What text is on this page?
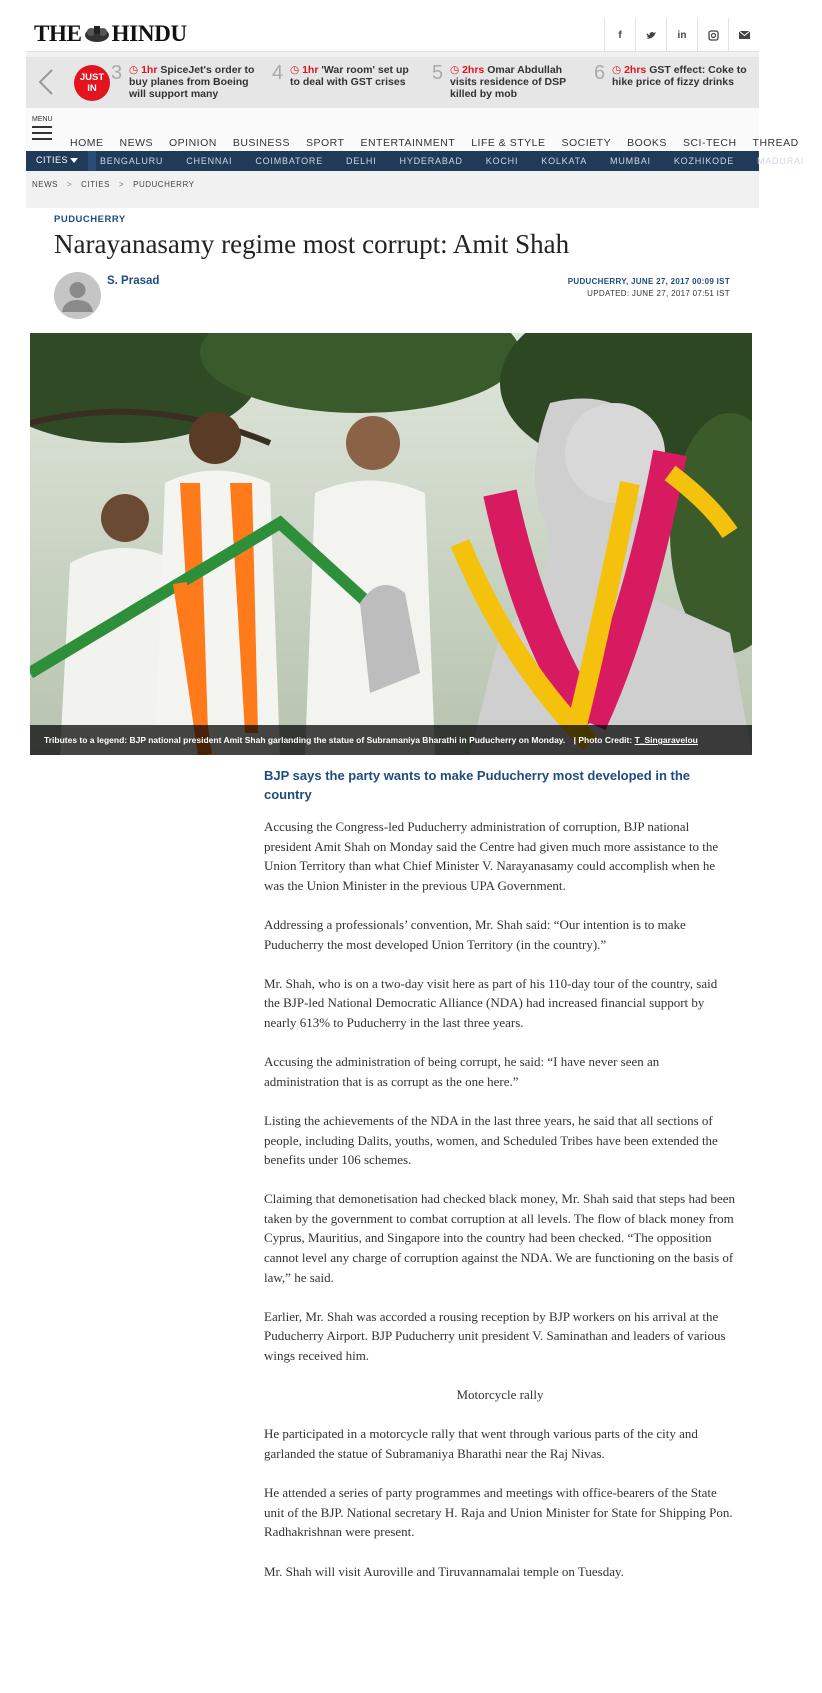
THE HINDU	f	in
JUST
IN
3 ◷ 1hr SpiceJet's order to buy planes from Boeing will support many
4 ◷ 1hr 'War room' set up to deal with GST crises	5 ◷ 2hrs Omar Abdullah visits residence of DSP killed by mob
6 ◷ 2hrs GST effect: Coke to hike price of fizzy drinks
MENU
HOME NEWS OPINION BUSINESS SPORT ENTERTAINMENT LIFE & STYLE SOCIETY BOOKS SCI-TECH THREAD
CITIES	BENGALURU	CHENNAI	COIMBATORE	DELHI	HYDERABAD	KOCHI	KOLKATA	MUMBAI	KOZHIKODE	MADURAI
NEWS > CITIES > PUDUCHERRY
PUDUCHERRY
Narayanasamy regime most corrupt: Amit Shah
S. Prasad	PUDUCHERRY, JUNE 27, 2017 00:09 IST
UPDATED: JUNE 27, 2017 07:51 IST
Tributes to a legend: BJP national president Amit Shah garlanding the statue of Subramaniya Bharathi in Puducherry on Monday. | Photo Credit: T_Singaravelou
BJP says the party wants to make Puducherry most developed in the country

Accusing the Congress-led Puducherry administration of corruption, BJP national president Amit Shah on Monday said the Centre had given much more assistance to the Union Territory than what Chief Minister V. Narayanasamy could accomplish when he was the Union Minister in the previous UPA Government.

Addressing a professionals’ convention, Mr. Shah said: “Our intention is to make Puducherry the most developed Union Territory (in the country).”

Mr. Shah, who is on a two-day visit here as part of his 110-day tour of the country, said the BJP-led National Democratic Alliance (NDA) had increased financial support by nearly 613% to Puducherry in the last three years.

Accusing the administration of being corrupt, he said: “I have never seen an administration that is as corrupt as the one here.”

Listing the achievements of the NDA in the last three years, he said that all sections of people, including Dalits, youths, women, and Scheduled Tribes have been extended the benefits under 106 schemes.

Claiming that demonetisation had checked black money, Mr. Shah said that steps had been taken by the government to combat corruption at all levels. The flow of black money from Cyprus, Mauritius, and Singapore into the country had been checked. “The opposition cannot level any charge of corruption against the NDA. We are functioning on the basis of law,” he said.

Earlier, Mr. Shah was accorded a rousing reception by BJP workers on his arrival at the Puducherry Airport. BJP Puducherry unit president V. Saminathan and leaders of various wings received him.

Motorcycle rally

He participated in a motorcycle rally that went through various parts of the city and garlanded the statue of Subramaniya Bharathi near the Raj Nivas.

He attended a series of party programmes and meetings with office-bearers of the State unit of the BJP. National secretary H. Raja and Union Minister for State for Shipping Pon. Radhakrishnan were present.

Mr. Shah will visit Auroville and Tiruvannamalai temple on Tuesday.
